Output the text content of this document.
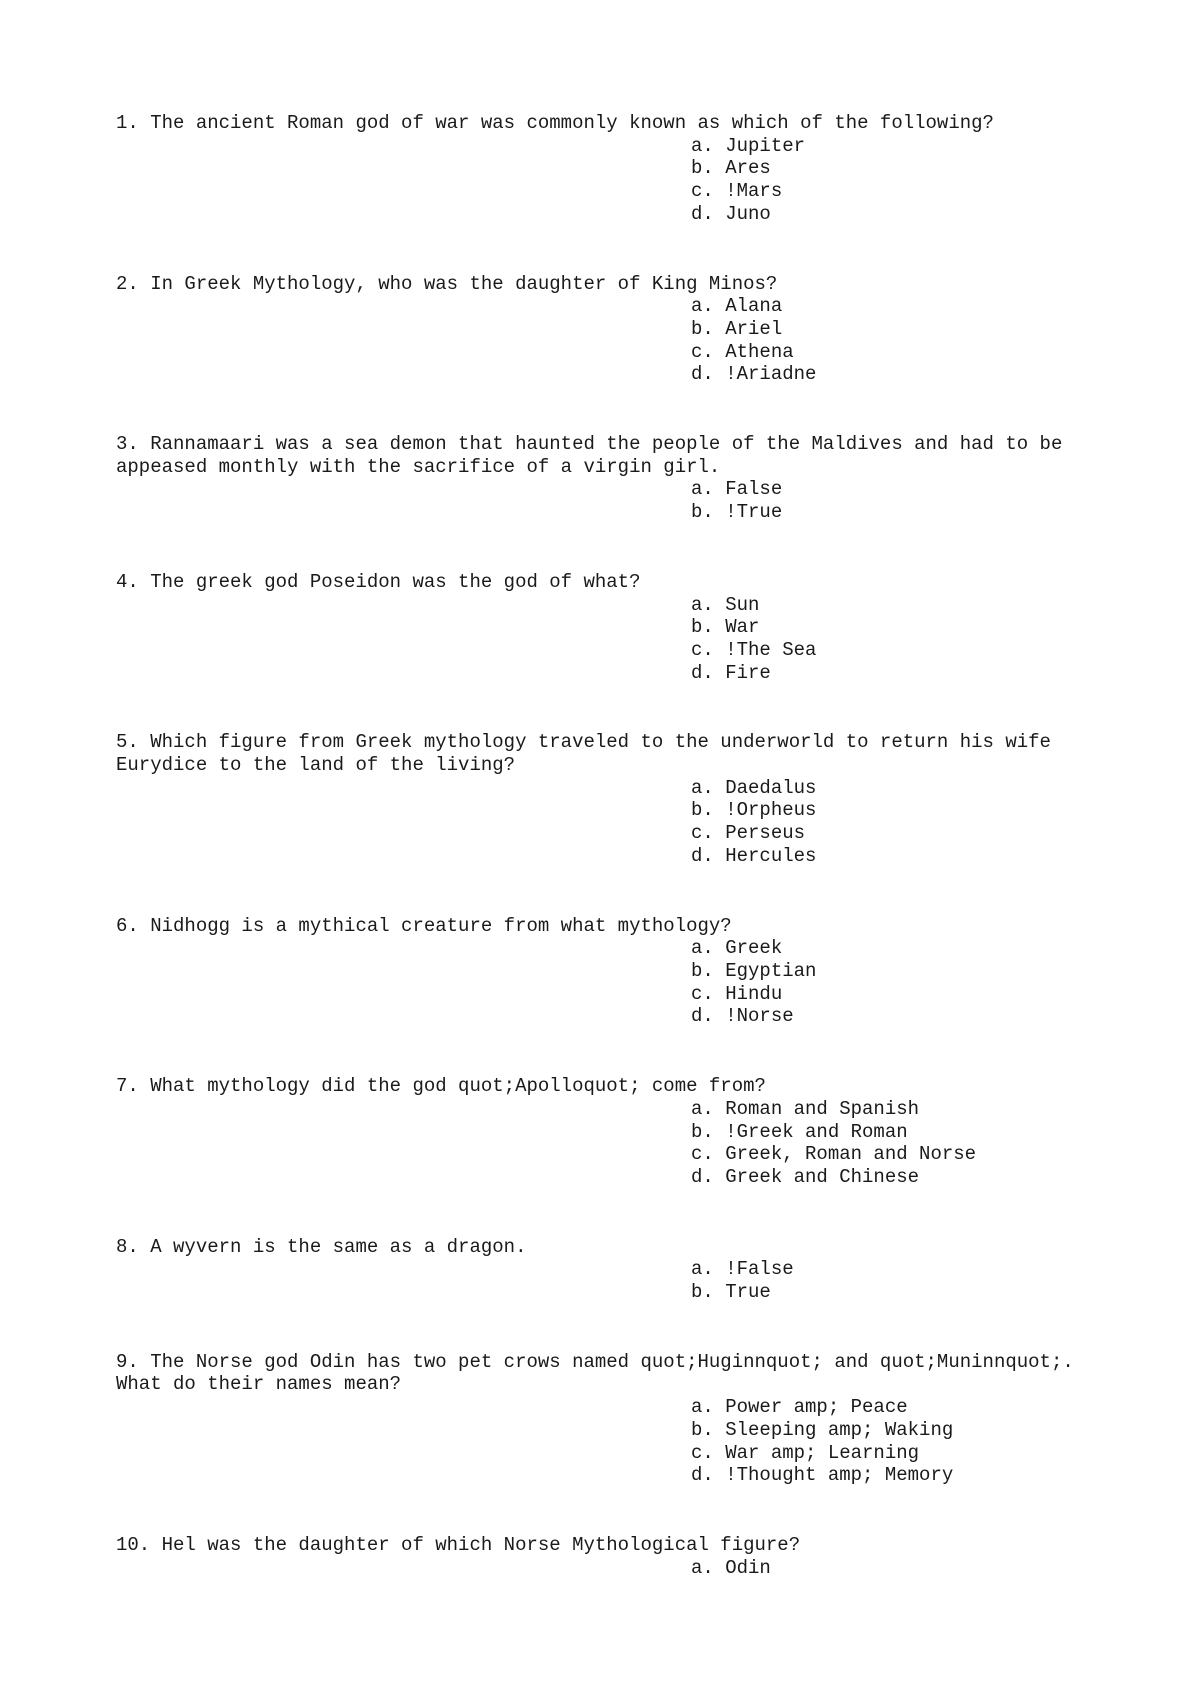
1. The ancient Roman god of war was commonly known as which of the following?

a. Jupiter
b. Ares
c. !Mars
d. Juno

2. In Greek Mythology, who was the daughter of King Minos?

a. Alana
b. Ariel
c. Athena
d. !Ariadne

3. Rannamaari was a sea demon that haunted the people of the Maldives and had to be appeased monthly with the sacrifice of a virgin girl.

a. False
b. !True

4. The greek god Poseidon was the god of what?

a. Sun
b. War
c. !The Sea
d. Fire

5. Which figure from Greek mythology traveled to the underworld to return his wife Eurydice to the land of the living?

a. Daedalus
b. !Orpheus
c. Perseus
d. Hercules

6. Nidhogg is a mythical creature from what mythology?

a. Greek
b. Egyptian
c. Hindu
d. !Norse

7. What mythology did the god quot;Apolloquot; come from?

a. Roman and Spanish
b. !Greek and Roman
c. Greek, Roman and Norse
d. Greek and Chinese

8. A wyvern is the same as a dragon.

a. !False
b. True

9. The Norse god Odin has two pet crows named quot;Huginnquot; and quot;Muninnquot;.  What do their names mean?

a. Power amp; Peace
b. Sleeping amp; Waking
c. War amp; Learning
d. !Thought amp; Memory

10. Hel was the daughter of which Norse Mythological figure?

a. Odin
